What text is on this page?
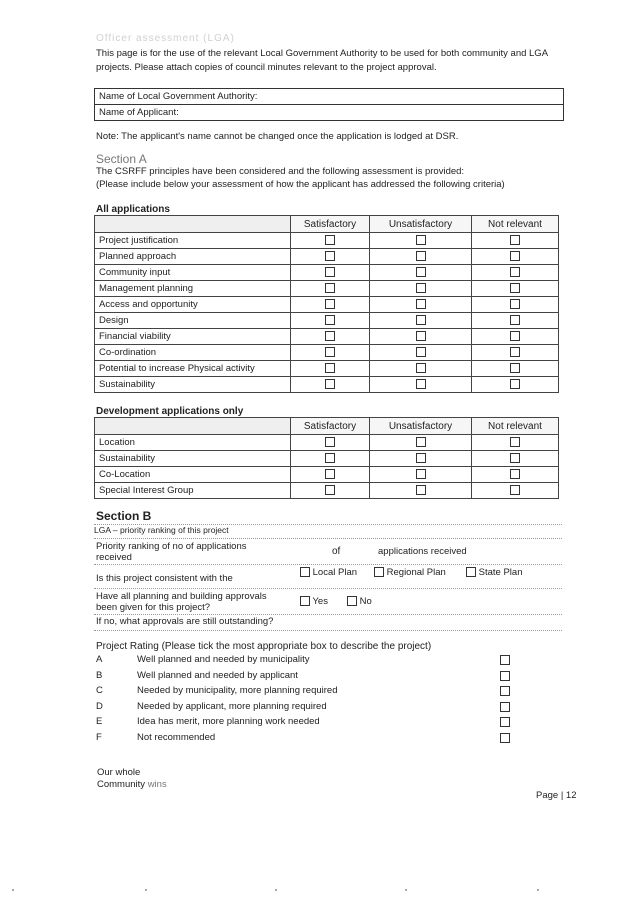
Officer assessment (LGA)
This page is for the use of the relevant Local Government Authority to be used for both community and LGA projects. Please attach copies of council minutes relevant to the project approval.
Name of Local Government Authority:
Name of Applicant:
Note: The applicant's name cannot be changed once the application is lodged at DSR.
Section A
The CSRFF principles have been considered and the following assessment is provided:
(Please include below your assessment of how the applicant has addressed the following criteria)
All applications
	Satisfactory	Unsatisfactory	Not relevant
Project justification			
Planned approach			
Community input			
Management planning			
Access and opportunity			
Design			
Financial viability			
Co-ordination			
Potential to increase Physical activity			
Sustainability			
Development applications only
	Satisfactory	Unsatisfactory	Not relevant
Location			
Sustainability			
Co-Location			
Special Interest Group			
Section B
LGA – priority ranking of this project
Priority ranking of no of applications received
of	applications received
Is this project consistent with the
Local Plan	Regional Plan	State Plan
Have all planning and building approvals been given for this project?
Yes	No
If no, what approvals are still outstanding?
Project Rating (Please tick the most appropriate box to describe the project)
A	Well planned and needed by municipality
B	Well planned and needed by applicant
C	Needed by municipality, more planning required
D	Needed by applicant, more planning required
E	Idea has merit, more planning work needed
F	Not recommended
Our whole
Community wins
Page | 12
